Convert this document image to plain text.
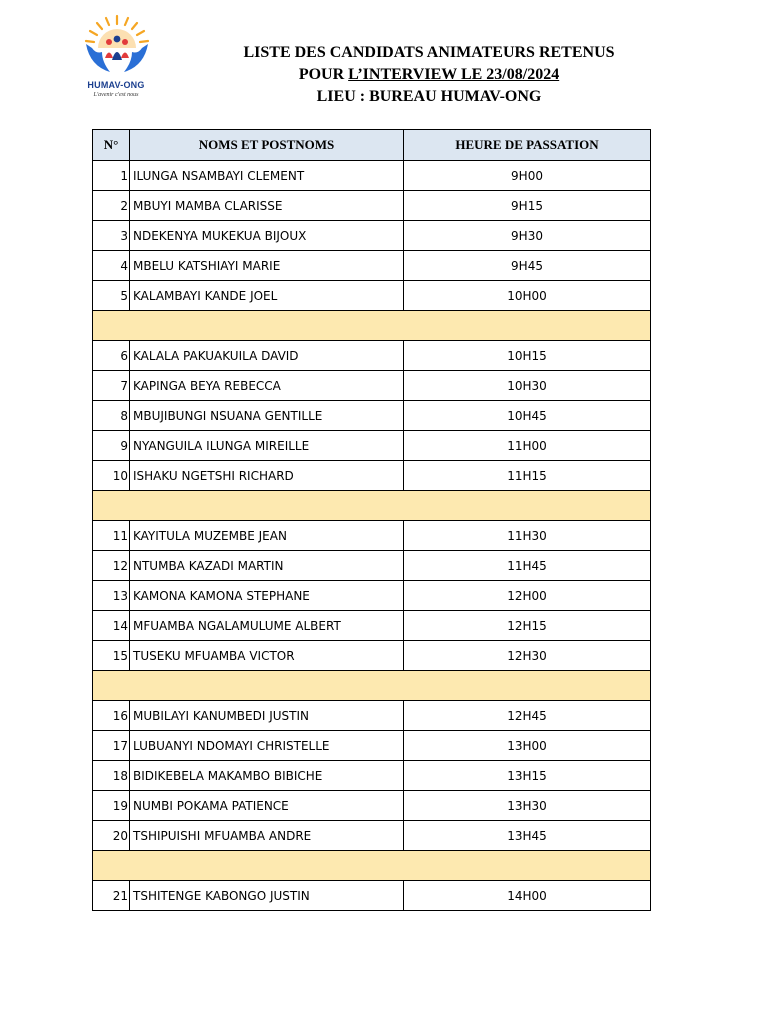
HUMAV-ONG
L'avenir c'est nous
LISTE DES CANDIDATS ANIMATEURS RETENUS
POUR L’INTERVIEW LE 23/08/2024
LIEU : BUREAU HUMAV-ONG
N°	NOMS ET POSTNOMS	HEURE DE PASSATION
1	ILUNGA NSAMBAYI CLEMENT	9H00
2	MBUYI MAMBA CLARISSE	9H15
3	NDEKENYA MUKEKUA BIJOUX	9H30
4	MBELU KATSHIAYI MARIE	9H45
5	KALAMBAYI KANDE JOEL	10H00

6	KALALA PAKUAKUILA DAVID	10H15
7	KAPINGA BEYA REBECCA	10H30
8	MBUJIBUNGI NSUANA GENTILLE	10H45
9	NYANGUILA ILUNGA MIREILLE	11H00
10	ISHAKU NGETSHI RICHARD	11H15

11	KAYITULA MUZEMBE JEAN	11H30
12	NTUMBA KAZADI MARTIN	11H45
13	KAMONA KAMONA STEPHANE	12H00
14	MFUAMBA NGALAMULUME ALBERT	12H15
15	TUSEKU MFUAMBA VICTOR	12H30

16	MUBILAYI KANUMBEDI JUSTIN	12H45
17	LUBUANYI NDOMAYI CHRISTELLE	13H00
18	BIDIKEBELA MAKAMBO BIBICHE	13H15
19	NUMBI POKAMA PATIENCE	13H30
20	TSHIPUISHI MFUAMBA ANDRE	13H45

21	TSHITENGE KABONGO JUSTIN	14H00
